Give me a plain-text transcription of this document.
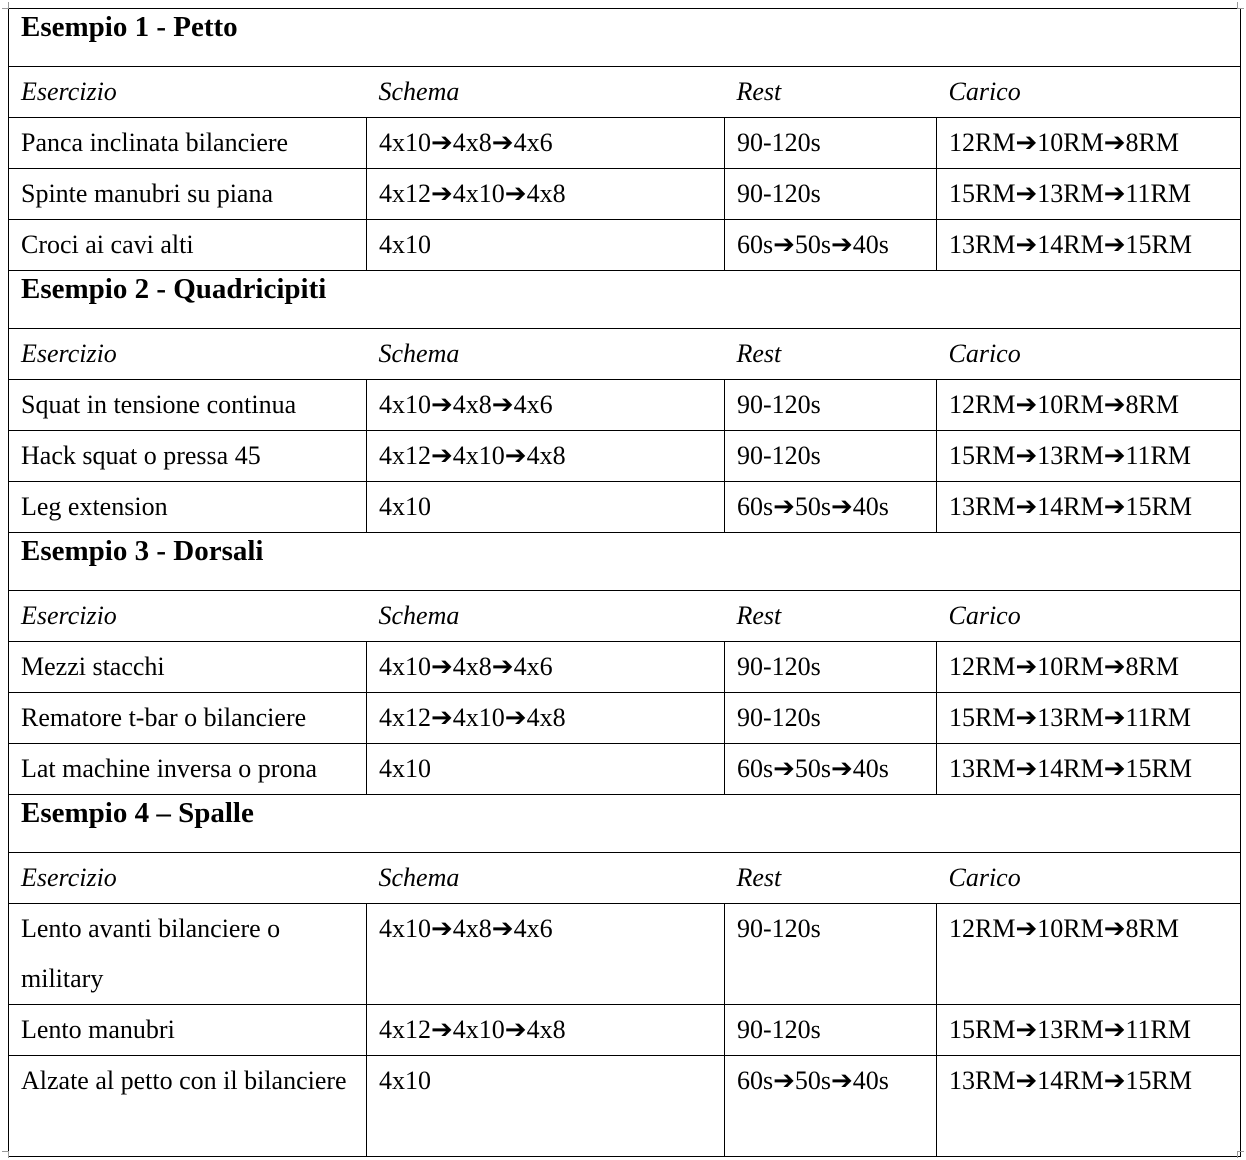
Esempio 1 - Petto			
Esercizio	Schema	Rest	Carico
Panca inclinata bilanciere	4x10➔4x8➔4x6	90-120s	12RM➔10RM➔8RM
Spinte manubri su piana	4x12➔4x10➔4x8	90-120s	15RM➔13RM➔11RM
Croci ai cavi alti	4x10	60s➔50s➔40s	13RM➔14RM➔15RM
Esempio 2 - Quadricipiti			
Esercizio	Schema	Rest	Carico
Squat in tensione continua	4x10➔4x8➔4x6	90-120s	12RM➔10RM➔8RM
Hack squat o pressa 45	4x12➔4x10➔4x8	90-120s	15RM➔13RM➔11RM
Leg extension	4x10	60s➔50s➔40s	13RM➔14RM➔15RM
Esempio 3 - Dorsali			
Esercizio	Schema	Rest	Carico
Mezzi stacchi	4x10➔4x8➔4x6	90-120s	12RM➔10RM➔8RM
Rematore t-bar o bilanciere	4x12➔4x10➔4x8	90-120s	15RM➔13RM➔11RM
Lat machine inversa o prona	4x10	60s➔50s➔40s	13RM➔14RM➔15RM
Esempio 4 – Spalle			
Esercizio	Schema	Rest	Carico
Lento avanti bilanciere o military	4x10➔4x8➔4x6	90-120s	12RM➔10RM➔8RM
Lento manubri	4x12➔4x10➔4x8	90-120s	15RM➔13RM➔11RM
Alzate al petto con il bilanciere	4x10	60s➔50s➔40s	13RM➔14RM➔15RM
